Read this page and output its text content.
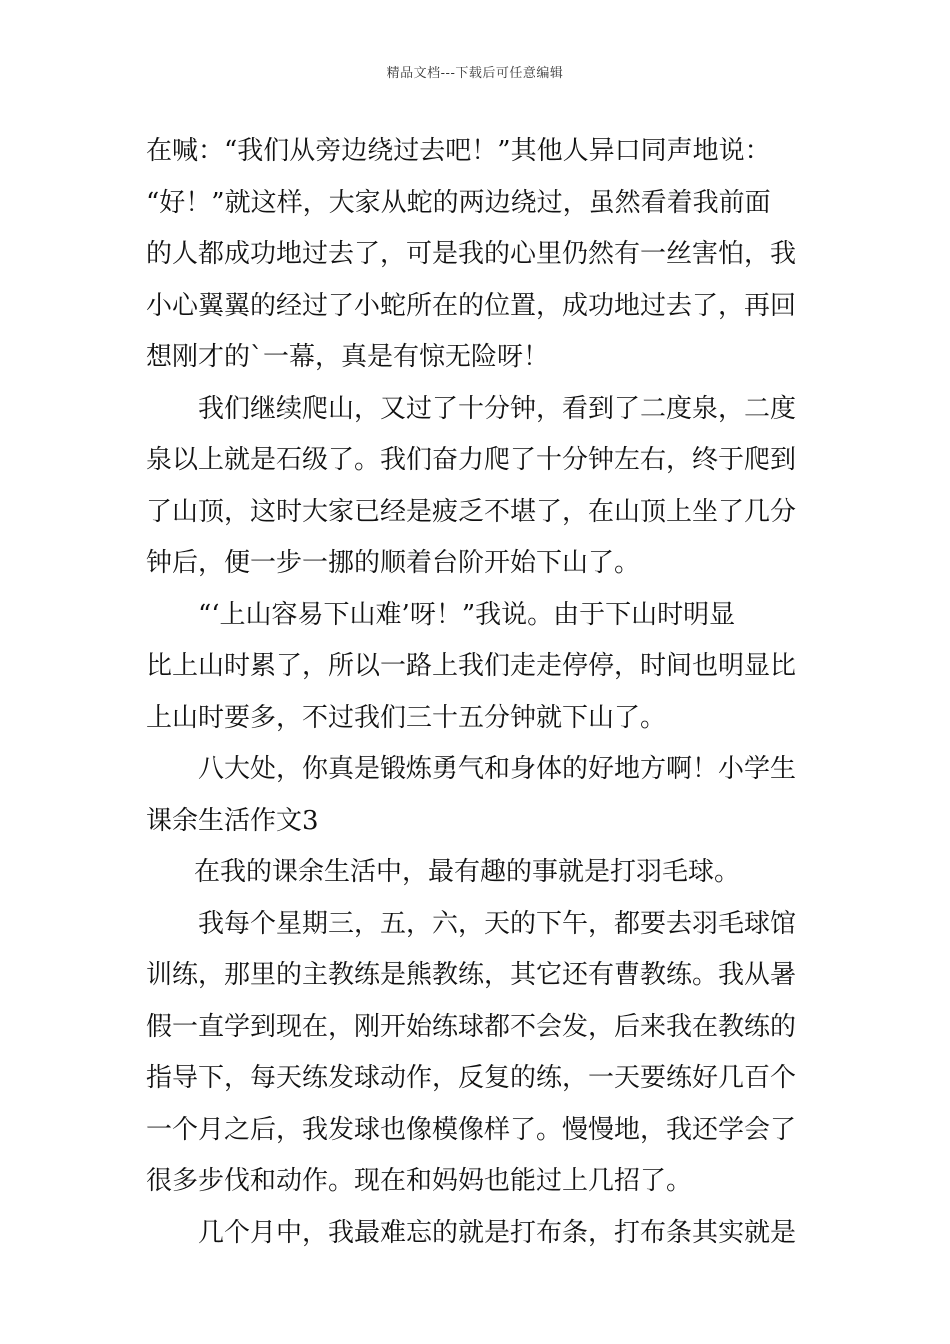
精品文档---下载后可任意编辑
在喊：“我们从旁边绕过去吧！”其他人异口同声地说：
“好！”就这样，大家从蛇的两边绕过，虽然看着我前面
的人都成功地过去了，可是我的心里仍然有一丝害怕，我
小心翼翼的经过了小蛇所在的位置，成功地过去了，再回
想刚才的`一幕，真是有惊无险呀！
我们继续爬山，又过了十分钟，看到了二度泉，二度
泉以上就是石级了。我们奋力爬了十分钟左右，终于爬到
了山顶，这时大家已经是疲乏不堪了，在山顶上坐了几分
钟后，便一步一挪的顺着台阶开始下山了。
“‘上山容易下山难’呀！”我说。由于下山时明显
比上山时累了，所以一路上我们走走停停，时间也明显比
上山时要多，不过我们三十五分钟就下山了。
八大处，你真是锻炼勇气和身体的好地方啊！小学生
课余生活作文3
在我的课余生活中，最有趣的事就是打羽毛球。
我每个星期三，五，六，天的下午，都要去羽毛球馆
训练，那里的主教练是熊教练，其它还有曹教练。我从暑
假一直学到现在，刚开始练球都不会发，后来我在教练的
指导下，每天练发球动作，反复的练，一天要练好几百个
一个月之后，我发球也像模像样了。慢慢地，我还学会了
很多步伐和动作。现在和妈妈也能过上几招了。
几个月中，我最难忘的就是打布条，打布条其实就是
